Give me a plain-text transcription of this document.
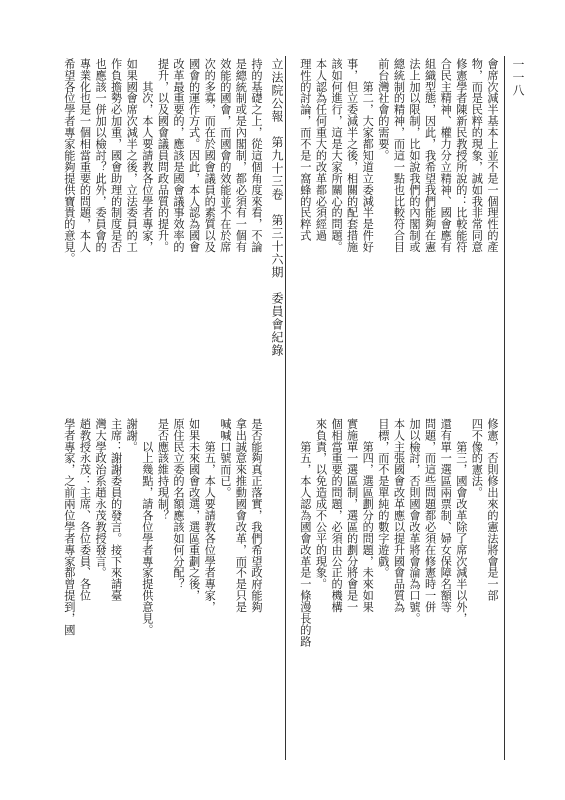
立法院公報　第九十三卷　第三十六期　委員會紀錄	一一八
會席次減半基本上並不是一個理性的產
物，而是民粹的現象，誠如我非常同意
修憲學者陳新民教授所說的：比較能符
合民主精神、權力分立精神、國會應有
組織型態，因此，我希望我們能夠在憲
法上加以限制，比如說我們的內閣制或
總統制的精神，而這一點也比較符合目
前台灣社會的需要。
　　第二，大家都知道立委減半是件好
事，但立委減半之後，相關的配套措施
該如何進行，這是大家所關心的問題。
本人認為任何重大的改革都必須經過
理性的討論，而不是一窩蜂的民粹式
修憲，否則修出來的憲法將會是一部
四不像的憲法。
　　第三，國會改革除了席次減半以外，
還有單一選區兩票制、婦女保障名額等
問題，而這些問題都必須在修憲時一併
加以檢討，否則國會改革將會淪為口號。
本人主張國會改革應以提升國會品質為
目標，而不是單純的數字遊戲。
　　第四，選區劃分的問題，未來如果
實施單一選區制，選區的劃分將會是一
個相當重要的問題，必須由公正的機構
來負責，以免造成不公平的現象。
　　第五，本人認為國會改革是一條漫長的路
持的基礎之上，從這個角度來看，不論
是總統制或是內閣制，都必須有一個有
效能的國會，而國會的效能並不在於席
次的多寡，而在於國會議員的素質以及
國會的運作方式。因此，本人認為國會
改革最重要的，應該是國會議事效率的
提升，以及國會議員問政品質的提升。
　　其次，本人要請教各位學者專家，
如果國會席次減半之後，立法委員的工
作負擔勢必加重，國會助理的制度是否
也應該一併加以檢討？此外，委員會的
專業化也是一個相當重要的問題，本人
希望各位學者專家能夠提供寶貴的意見。
是否能夠真正落實，我們希望政府能夠
拿出誠意來推動國會改革，而不是只是
喊喊口號而已。
　　第五，本人要請教各位學者專家，
如果未來國會改選，選區重劃之後，
原住民立委的名額應該如何分配？
是否應該維持現制？
　　以上幾點，請各位學者專家提供意見。
謝謝。
主席：謝謝委員的發言。接下來請臺
灣大學政治系趙永茂教授發言。
趙教授永茂：主席、各位委員、各位
學者專家，之前兩位學者專家都曾提到，國
